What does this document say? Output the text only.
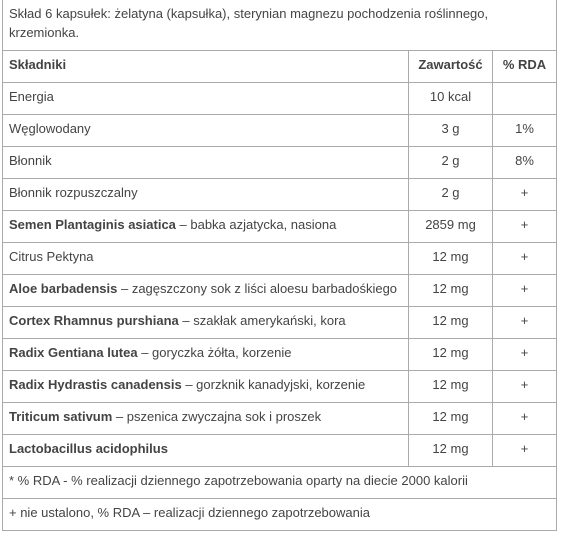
Skład 6 kapsułek: żelatyna (kapsułka), sterynian magnezu pochodzenia roślinnego, krzemionka.		
Składniki	Zawartość	% RDA
Energia	10 kcal	
Węglowodany	3 g	1%
Błonnik	2 g	8%
Błonnik rozpuszczalny	2 g	+
Semen Plantaginis asiatica – babka azjatycka, nasiona	2859 mg	+
Citrus Pektyna	12 mg	+
Aloe barbadensis – zagęszczony sok z liści aloesu barbadośkiego	12 mg	+
Cortex Rhamnus purshiana – szakłak amerykański, kora	12 mg	+
Radix Gentiana lutea – goryczka żółta, korzenie	12 mg	+
Radix Hydrastis canadensis – gorzknik kanadyjski, korzenie	12 mg	+
Triticum sativum – pszenica zwyczajna sok i proszek	12 mg	+
Lactobacillus acidophilus	12 mg	+
* % RDA - % realizacji dziennego zapotrzebowania oparty na diecie 2000 kalorii		
+ nie ustalono, % RDA – realizacji dziennego zapotrzebowania		
